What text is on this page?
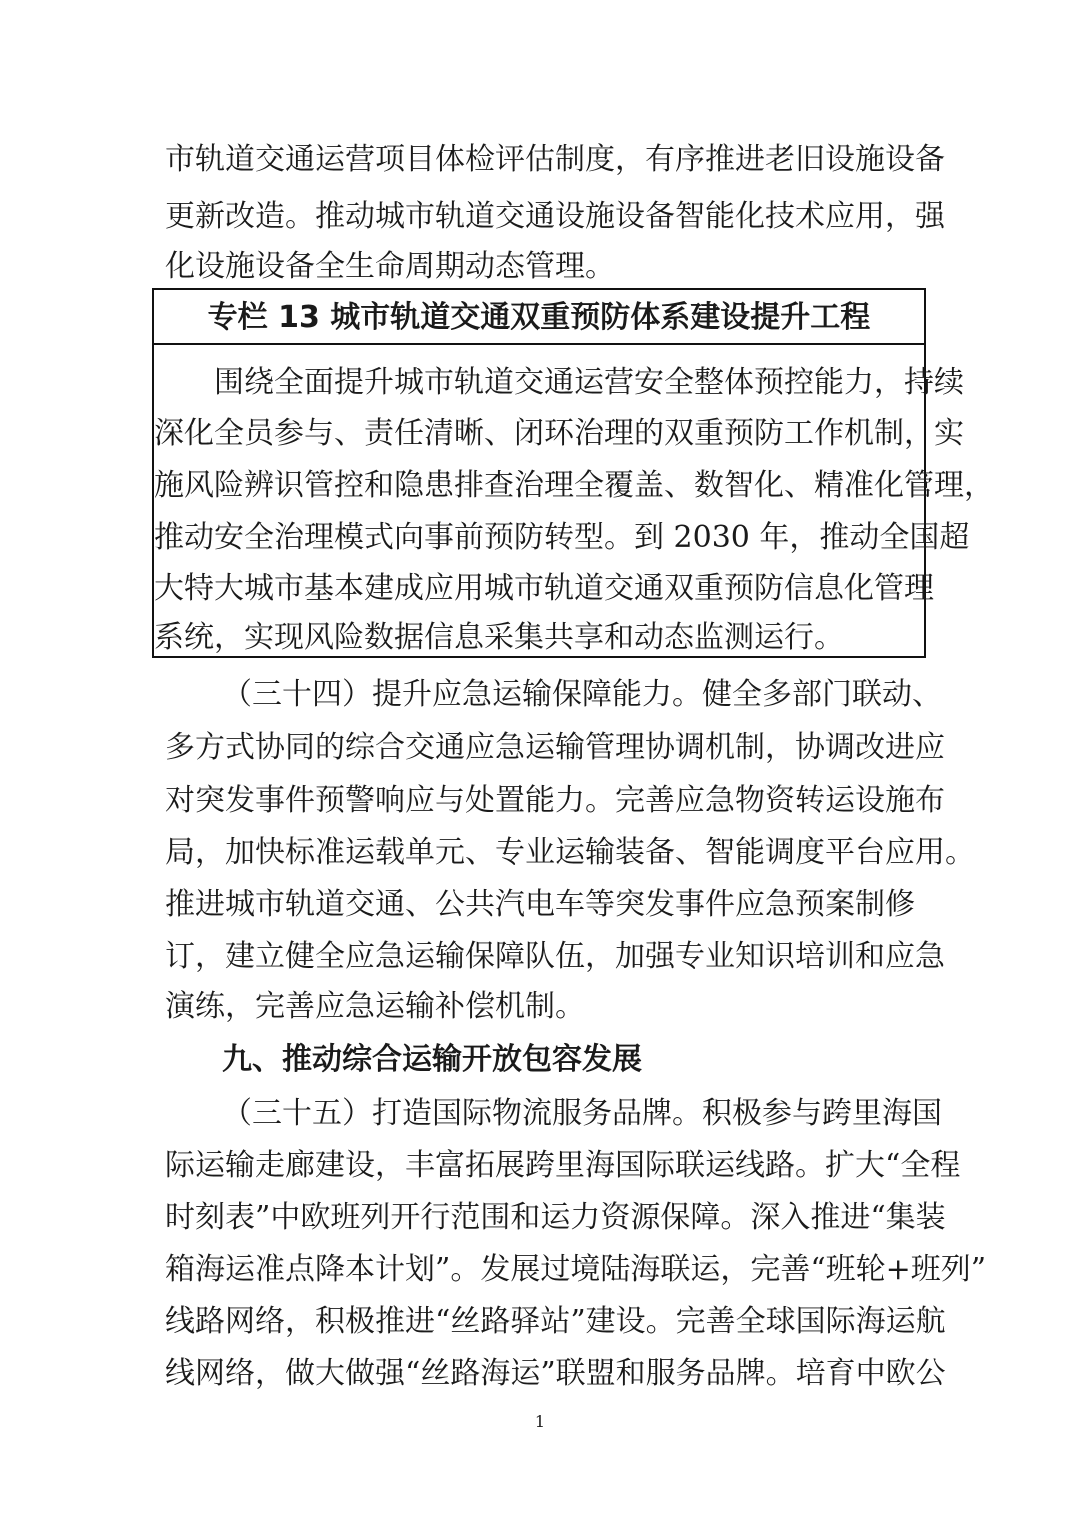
市轨道交通运营项目体检评估制度，有序推进老旧设施设备
更新改造。推动城市轨道交通设施设备智能化技术应用，强
化设施设备全生命周期动态管理。
专栏 13 城市轨道交通双重预防体系建设提升工程
围绕全面提升城市轨道交通运营安全整体预控能力，持续
深化全员参与、责任清晰、闭环治理的双重预防工作机制，实
施风险辨识管控和隐患排查治理全覆盖、数智化、精准化管理，
推动安全治理模式向事前预防转型。到 2030 年，推动全国超
大特大城市基本建成应用城市轨道交通双重预防信息化管理
系统，实现风险数据信息采集共享和动态监测运行。
（三十四）提升应急运输保障能力。健全多部门联动、
多方式协同的综合交通应急运输管理协调机制，协调改进应
对突发事件预警响应与处置能力。完善应急物资转运设施布
局，加快标准运载单元、专业运输装备、智能调度平台应用。
推进城市轨道交通、公共汽电车等突发事件应急预案制修
订，建立健全应急运输保障队伍，加强专业知识培训和应急
演练，完善应急运输补偿机制。
九、推动综合运输开放包容发展
（三十五）打造国际物流服务品牌。积极参与跨里海国
际运输走廊建设，丰富拓展跨里海国际联运线路。扩大“全程
时刻表”中欧班列开行范围和运力资源保障。深入推进“集装
箱海运准点降本计划”。发展过境陆海联运，完善“班轮+班列”
线路网络，积极推进“丝路驿站”建设。完善全球国际海运航
线网络，做大做强“丝路海运”联盟和服务品牌。培育中欧公
1
